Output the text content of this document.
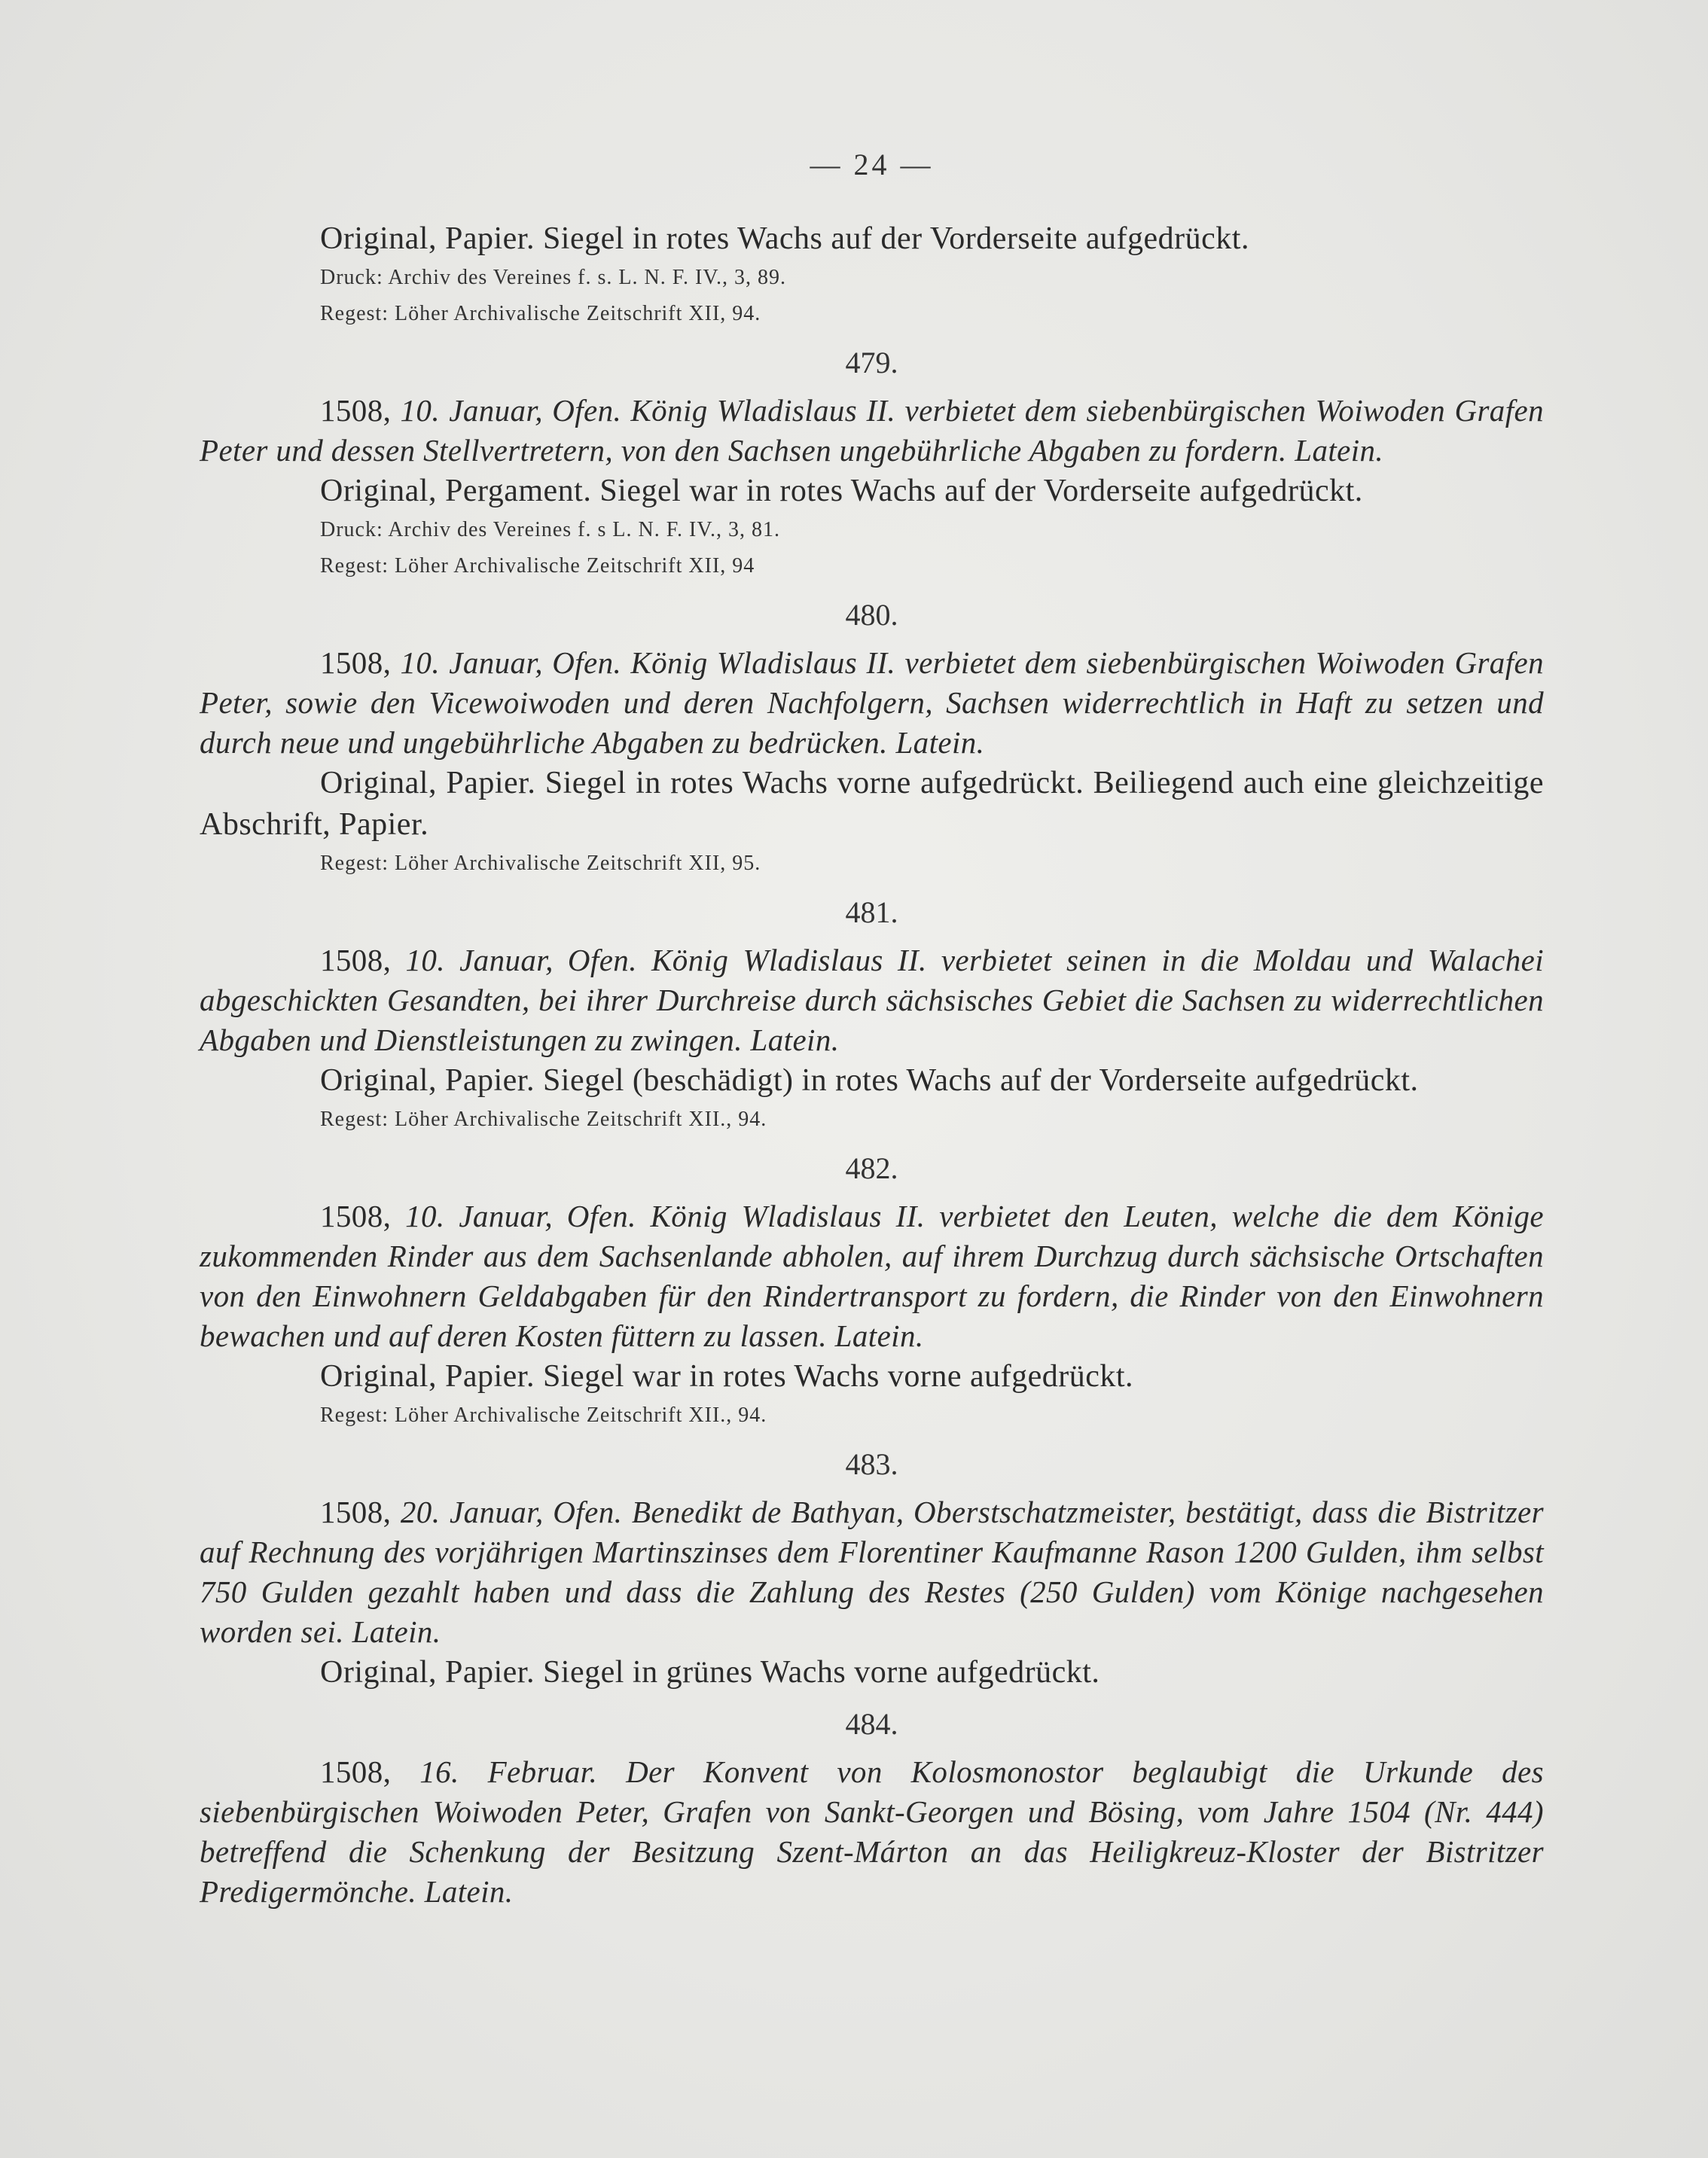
— 24 —

Original, Papier. Siegel in rotes Wachs auf der Vorderseite aufgedrückt.

Druck: Archiv des Vereines f. s. L. N. F. IV., 3, 89.

Regest: Löher Archivalische Zeitschrift XII, 94.

479.

1508, 10. Januar, Ofen. König Wladislaus II. verbietet dem siebenbürgischen Woiwoden Grafen Peter und dessen Stellvertretern, von den Sachsen ungebührliche Abgaben zu fordern. Latein.

Original, Pergament. Siegel war in rotes Wachs auf der Vorderseite aufgedrückt.

Druck: Archiv des Vereines f. s L. N. F. IV., 3, 81.

Regest: Löher Archivalische Zeitschrift XII, 94

480.

1508, 10. Januar, Ofen. König Wladislaus II. verbietet dem siebenbürgischen Woiwoden Grafen Peter, sowie den Vicewoiwoden und deren Nachfolgern, Sachsen widerrechtlich in Haft zu setzen und durch neue und ungebührliche Abgaben zu bedrücken. Latein.

Original, Papier. Siegel in rotes Wachs vorne aufgedrückt. Beiliegend auch eine gleichzeitige Abschrift, Papier.

Regest: Löher Archivalische Zeitschrift XII, 95.

481.

1508, 10. Januar, Ofen. König Wladislaus II. verbietet seinen in die Moldau und Walachei abgeschickten Gesandten, bei ihrer Durchreise durch sächsisches Gebiet die Sachsen zu widerrechtlichen Abgaben und Dienstleistungen zu zwingen. Latein.

Original, Papier. Siegel (beschädigt) in rotes Wachs auf der Vorderseite aufgedrückt.

Regest: Löher Archivalische Zeitschrift XII., 94.

482.

1508, 10. Januar, Ofen. König Wladislaus II. verbietet den Leuten, welche die dem Könige zukommenden Rinder aus dem Sachsenlande abholen, auf ihrem Durchzug durch sächsische Ortschaften von den Einwohnern Geldabgaben für den Rindertransport zu fordern, die Rinder von den Einwohnern bewachen und auf deren Kosten füttern zu lassen. Latein.

Original, Papier. Siegel war in rotes Wachs vorne aufgedrückt.

Regest: Löher Archivalische Zeitschrift XII., 94.

483.

1508, 20. Januar, Ofen. Benedikt de Bathyan, Oberstschatzmeister, bestätigt, dass die Bistritzer auf Rechnung des vorjährigen Martinszinses dem Florentiner Kaufmanne Rason 1200 Gulden, ihm selbst 750 Gulden gezahlt haben und dass die Zahlung des Restes (250 Gulden) vom Könige nachgesehen worden sei. Latein.

Original, Papier. Siegel in grünes Wachs vorne aufgedrückt.

484.

1508, 16. Februar. Der Konvent von Kolosmonostor beglaubigt die Urkunde des siebenbürgischen Woiwoden Peter, Grafen von Sankt-Georgen und Bösing, vom Jahre 1504 (Nr. 444) betreffend die Schenkung der Besitzung Szent-Márton an das Heiligkreuz-Kloster der Bistritzer Predigermönche. Latein.
